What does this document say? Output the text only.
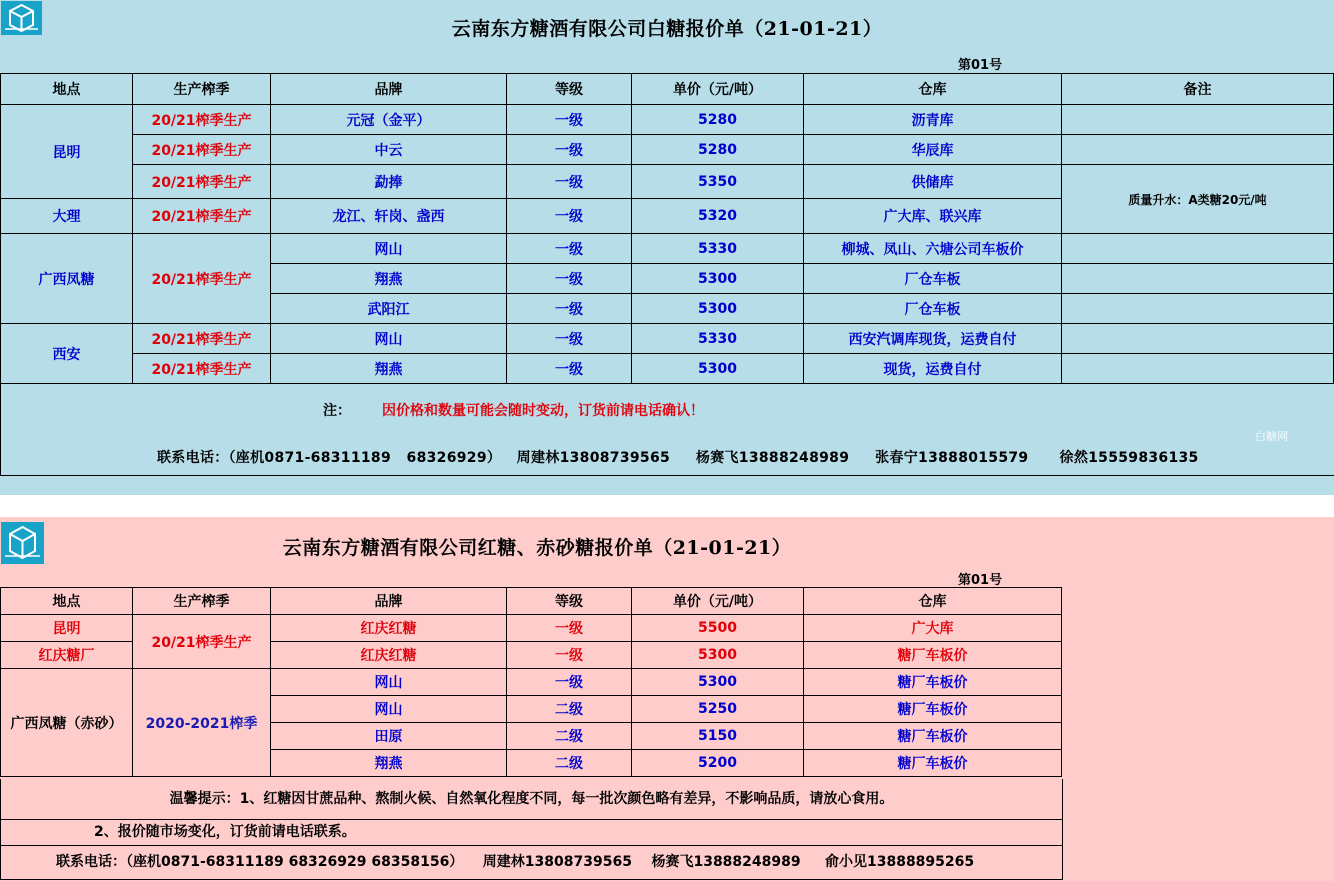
云南东方糖酒有限公司白糖报价单（21-01-21）
第01号
地点	生产榨季	品牌	等级	单价（元/吨）	仓库	备注
昆明	20/21榨季生产	元冠（金平）	一级	5280	沥青库	
	20/21榨季生产	中云	一级	5280	华辰库	
	20/21榨季生产	勐捧	一级	5350	供储库	质量升水：A类糖20元/吨
大理	20/21榨季生产	龙江、轩岗、盏西	一级	5320	广大库、联兴库	
广西凤糖	20/21榨季生产	网山	一级	5330	柳城、凤山、六塘公司车板价	
		翔燕	一级	5300	厂仓车板	
		武阳江	一级	5300	厂仓车板	
西安	20/21榨季生产	网山	一级	5330	西安汽调库现货，运费自付	
	20/21榨季生产	翔燕	一级	5300	现货，运费自付	

注： 因价格和数量可能会随时变动，订货前请电话确认！
联系电话：（座机0871-68311189   68326929）   周建林13808739565     杨赛飞13888248989     张春宁13888015579      徐然15559836135
白糖网
云南东方糖酒有限公司红糖、赤砂糖报价单（21-01-21）
第01号
地点	生产榨季	品牌	等级	单价（元/吨）	仓库
昆明	20/21榨季生产	红庆红糖	一级	5500	广大库
红庆糖厂		红庆红糖	一级	5300	糖厂车板价
广西凤糖（赤砂）	2020-2021榨季	网山	一级	5300	糖厂车板价
		网山	二级	5250	糖厂车板价
		田原	二级	5150	糖厂车板价
		翔燕	二级	5200	糖厂车板价
温馨提示：1、红糖因甘蔗品种、熬制火候、自然氧化程度不同，每一批次颜色略有差异，不影响品质，请放心食用。
2、报价随市场变化，订货前请电话联系。
联系电话：（座机0871-68311189 68326929 68358156）    周建林13808739565    杨赛飞13888248989     俞小见13888895265
